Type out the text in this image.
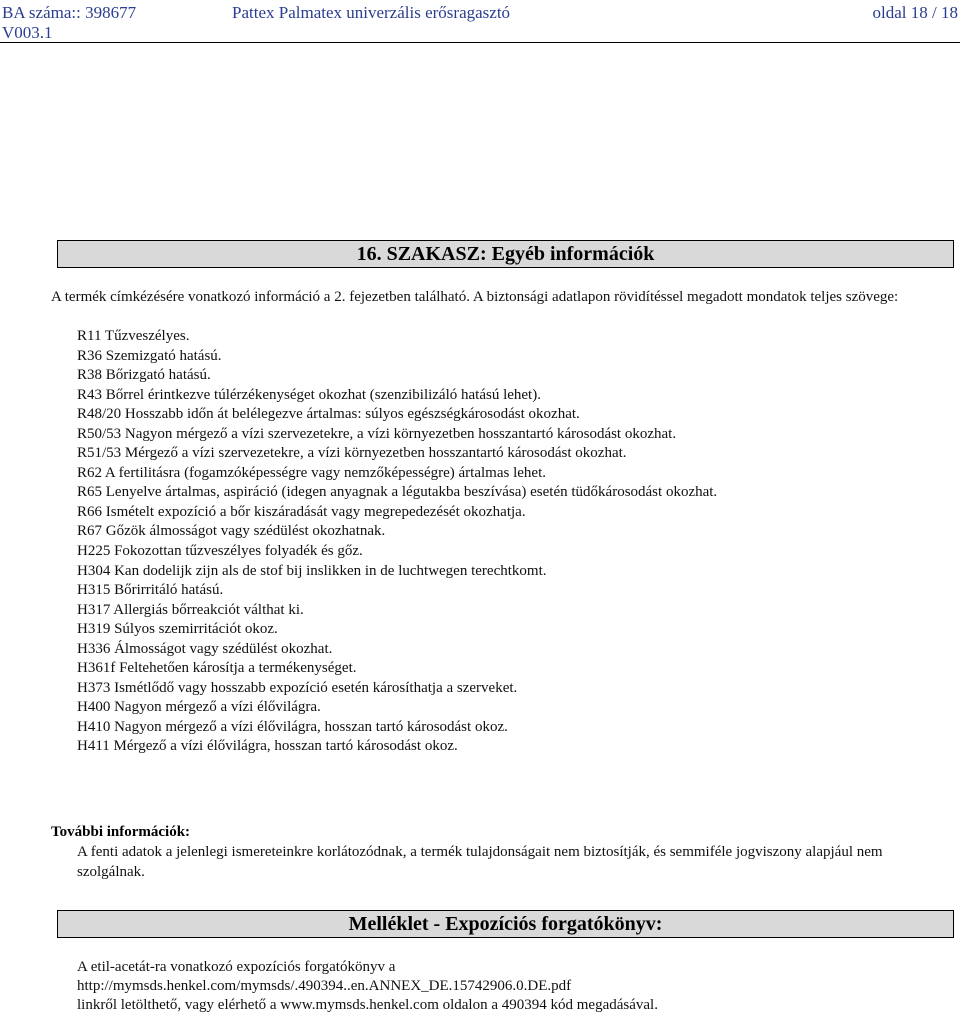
BA száma:: 398677	Pattex Palmatex univerzális erősragasztó	oldal 18 / 18
V003.1
16. SZAKASZ: Egyéb információk
A termék címkézésére vonatkozó információ a 2. fejezetben található. A biztonsági adatlapon rövidítéssel megadott mondatok teljes szövege:
R11 Tűzveszélyes.
R36 Szemizgató hatású.
R38 Bőrizgató hatású.
R43 Bőrrel érintkezve túlérzékenységet okozhat (szenzibilizáló hatású lehet).
R48/20 Hosszabb időn át belélegezve ártalmas: súlyos egészségkárosodást okozhat.
R50/53 Nagyon mérgező a vízi szervezetekre, a vízi környezetben hosszantartó károsodást okozhat.
R51/53 Mérgező a vízi szervezetekre, a vízi környezetben hosszantartó károsodást okozhat.
R62 A fertilitásra (fogamzóképességre vagy nemzőképességre) ártalmas lehet.
R65 Lenyelve ártalmas, aspiráció (idegen anyagnak a légutakba beszívása) esetén tüdőkárosodást okozhat.
R66 Ismételt expozíció a bőr kiszáradását vagy megrepedezését okozhatja.
R67 Gőzök álmosságot vagy szédülést okozhatnak.
H225 Fokozottan tűzveszélyes folyadék és gőz.
H304 Kan dodelijk zijn als de stof bij inslikken in de luchtwegen terechtkomt.
H315 Bőrirritáló hatású.
H317 Allergiás bőrreakciót válthat ki.
H319 Súlyos szemirritációt okoz.
H336 Álmosságot vagy szédülést okozhat.
H361f Feltehetően károsítja a termékenységet.
H373 Ismétlődő vagy hosszabb expozíció esetén károsíthatja a szerveket.
H400 Nagyon mérgező a vízi élővilágra.
H410 Nagyon mérgező a vízi élővilágra, hosszan tartó károsodást okoz.
H411 Mérgező a vízi élővilágra, hosszan tartó károsodást okoz.
További információk:
A fenti adatok a jelenlegi ismereteinkre korlátozódnak, a termék tulajdonságait nem biztosítják, és semmiféle jogviszony alapjául nem szolgálnak.
Melléklet - Expozíciós forgatókönyv:
A etil-acetát-ra vonatkozó expozíciós forgatókönyv a
http://mymsds.henkel.com/mymsds/.490394..en.ANNEX_DE.15742906.0.DE.pdf
linkről letölthető, vagy elérhető a www.mymsds.henkel.com oldalon a 490394 kód megadásával.
